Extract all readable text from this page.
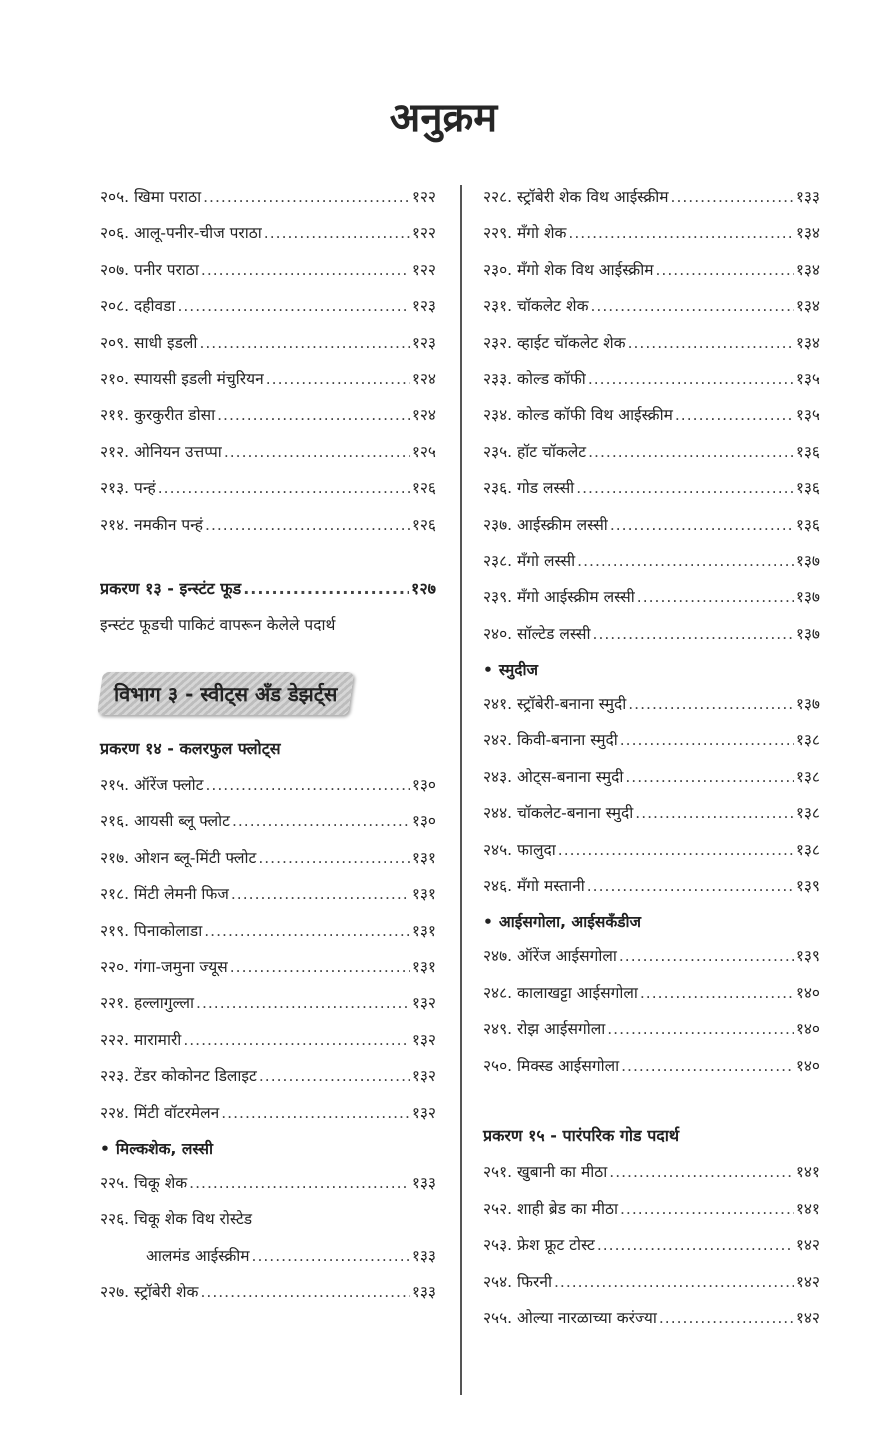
अनुक्रम
२०५. खिमा पराठा .....	१२२
२०६. आलू-पनीर-चीज पराठा .....	१२२
२०७. पनीर पराठा .....	१२२
२०८. दहीवडा .....	१२३
२०९. साधी इडली .....	१२३
२१०. स्पायसी इडली मंचुरियन .....	१२४
२११. कुरकुरीत डोसा .....	१२४
२१२. ओनियन उत्तप्पा .....	१२५
२१३. पन्हं .....	१२६
२१४. नमकीन पन्हं .....	१२६
प्रकरण १३ - इन्स्टंट फूड .....	१२७
इन्स्टंट फूडची पाकिटं वापरून केलेले पदार्थ
विभाग ३ - स्वीट्स अँड डेझर्ट्स
प्रकरण १४ - कलरफुल फ्लोट्स
२१५. ऑरेंज फ्लोट .....	१३०
२१६. आयसी ब्लू फ्लोट .....	१३०
२१७. ओशन ब्लू-मिंटी फ्लोट .....	१३१
२१८. मिंटी लेमनी फिज .....	१३१
२१९. पिनाकोलाडा .....	१३१
२२०. गंगा-जमुना ज्यूस .....	१३१
२२१. हल्लागुल्ला .....	१३२
२२२. मारामारी .....	१३२
२२३. टेंडर कोकोनट डिलाइट .....	१३२
२२४. मिंटी वॉटरमेलन .....	१३२
• मिल्कशेक, लस्सी
२२५. चिकू शेक .....	१३३
२२६. चिकू शेक विथ रोस्टेड
आलमंड आईस्क्रीम .....	१३३
२२७. स्ट्रॉबेरी शेक .....	१३३
२२८. स्ट्रॉबेरी शेक विथ आईस्क्रीम .....	१३३
२२९. मँगो शेक .....	१३४
२३०. मँगो शेक विथ आईस्क्रीम .....	१३४
२३१. चॉकलेट शेक .....	१३४
२३२. व्हाईट चॉकलेट शेक .....	१३४
२३३. कोल्ड कॉफी .....	१३५
२३४. कोल्ड कॉफी विथ आईस्क्रीम .....	१३५
२३५. हॉट चॉकलेट .....	१३६
२३६. गोड लस्सी .....	१३६
२३७. आईस्क्रीम लस्सी .....	१३६
२३८. मँगो लस्सी .....	१३७
२३९. मँगो आईस्क्रीम लस्सी .....	१३७
२४०. सॉल्टेड लस्सी .....	१३७
• स्मुदीज
२४१. स्ट्रॉबेरी-बनाना स्मुदी .....	१३७
२४२. किवी-बनाना स्मुदी .....	१३८
२४३. ओट्स-बनाना स्मुदी .....	१३८
२४४. चॉकलेट-बनाना स्मुदी .....	१३८
२४५. फालुदा .....	१३८
२४६. मँगो मस्तानी .....	१३९
• आईसगोला, आईसकँडीज
२४७. ऑरेंज आईसगोला .....	१३९
२४८. कालाखट्टा आईसगोला .....	१४०
२४९. रोझ आईसगोला .....	१४०
२५०. मिक्स्ड आईसगोला .....	१४०
प्रकरण १५ - पारंपरिक गोड पदार्थ
२५१. खुबानी का मीठा .....	१४१
२५२. शाही ब्रेड का मीठा .....	१४१
२५३. फ्रेश फ्रूट टोस्ट .....	१४२
२५४. फिरनी .....	१४२
२५५. ओल्या नारळाच्या करंज्या .....	१४२
